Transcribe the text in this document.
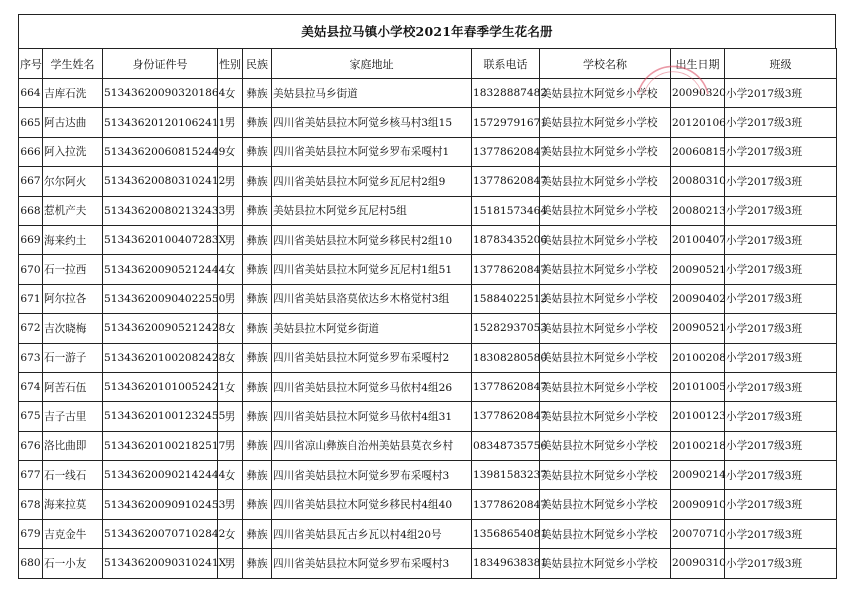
美姑县拉马镇小学校2021年春季学生花名册
序号	学生姓名	身份证件号	性别	民族	家庭地址	联系电话	学校名称	出生日期	班级
664	吉库石洗	513436200903201864	女	彝族	美姑县拉马乡街道	18328887482	美姑县拉木阿觉乡小学校	20090320	小学2017级3班
665	阿古达曲	513436201201062411	男	彝族	四川省美姑县拉木阿觉乡核马村3组15	15729791671	美姑县拉木阿觉乡小学校	20120106	小学2017级3班
666	阿入拉洗	513436200608152449	女	彝族	四川省美姑县拉木阿觉乡罗布采嘎村1	13778620847	美姑县拉木阿觉乡小学校	20060815	小学2017级3班
667	尔尔阿火	513436200803102412	男	彝族	四川省美姑县拉木阿觉乡瓦尼村2组9	13778620847	美姑县拉木阿觉乡小学校	20080310	小学2017级3班
668	惹机产夫	513436200802132433	男	彝族	美姑县拉木阿觉乡瓦尼村5组	15181573464	美姑县拉木阿觉乡小学校	20080213	小学2017级3班
669	海来约土	51343620100407283X	男	彝族	四川省美姑县拉木阿觉乡移民村2组10	18783435206	美姑县拉木阿觉乡小学校	20100407	小学2017级3班
670	石一拉西	513436200905212444	女	彝族	四川省美姑县拉木阿觉乡瓦尼村1组51	13778620847	美姑县拉木阿觉乡小学校	20090521	小学2017级3班
671	阿尔拉各	513436200904022550	男	彝族	四川省美姑县洛莫依达乡木格觉村3组	15884022512	美姑县拉木阿觉乡小学校	20090402	小学2017级3班
672	吉次晓梅	513436200905212428	女	彝族	美姑县拉木阿觉乡街道	15282937053	美姑县拉木阿觉乡小学校	20090521	小学2017级3班
673	石一游子	513436201002082428	女	彝族	四川省美姑县拉木阿觉乡罗布采嘎村2	18308280580	美姑县拉木阿觉乡小学校	20100208	小学2017级3班
674	阿苦石伍	513436201010052421	女	彝族	四川省美姑县拉木阿觉乡马依村4组26	13778620847	美姑县拉木阿觉乡小学校	20101005	小学2017级3班
675	吉子古里	513436201001232455	男	彝族	四川省美姑县拉木阿觉乡马依村4组31	13778620847	美姑县拉木阿觉乡小学校	20100123	小学2017级3班
676	洛比曲即	513436201002182517	男	彝族	四川省凉山彝族自治州美姑县莫衣乡村	08348735756	美姑县拉木阿觉乡小学校	20100218	小学2017级3班
677	石一线石	513436200902142444	女	彝族	四川省美姑县拉木阿觉乡罗布采嘎村3	13981583237	美姑县拉木阿觉乡小学校	20090214	小学2017级3班
678	海来拉莫	513436200909102453	男	彝族	四川省美姑县拉木阿觉乡移民村4组40	13778620847	美姑县拉木阿觉乡小学校	20090910	小学2017级3班
679	吉克金牛	513436200707102842	女	彝族	四川省美姑县瓦古乡瓦以村4组20号	13568654081	美姑县拉木阿觉乡小学校	20070710	小学2017级3班
680	石一小友	51343620090310241X	男	彝族	四川省美姑县拉木阿觉乡罗布采嘎村3	18349638381	美姑县拉木阿觉乡小学校	20090310	小学2017级3班
